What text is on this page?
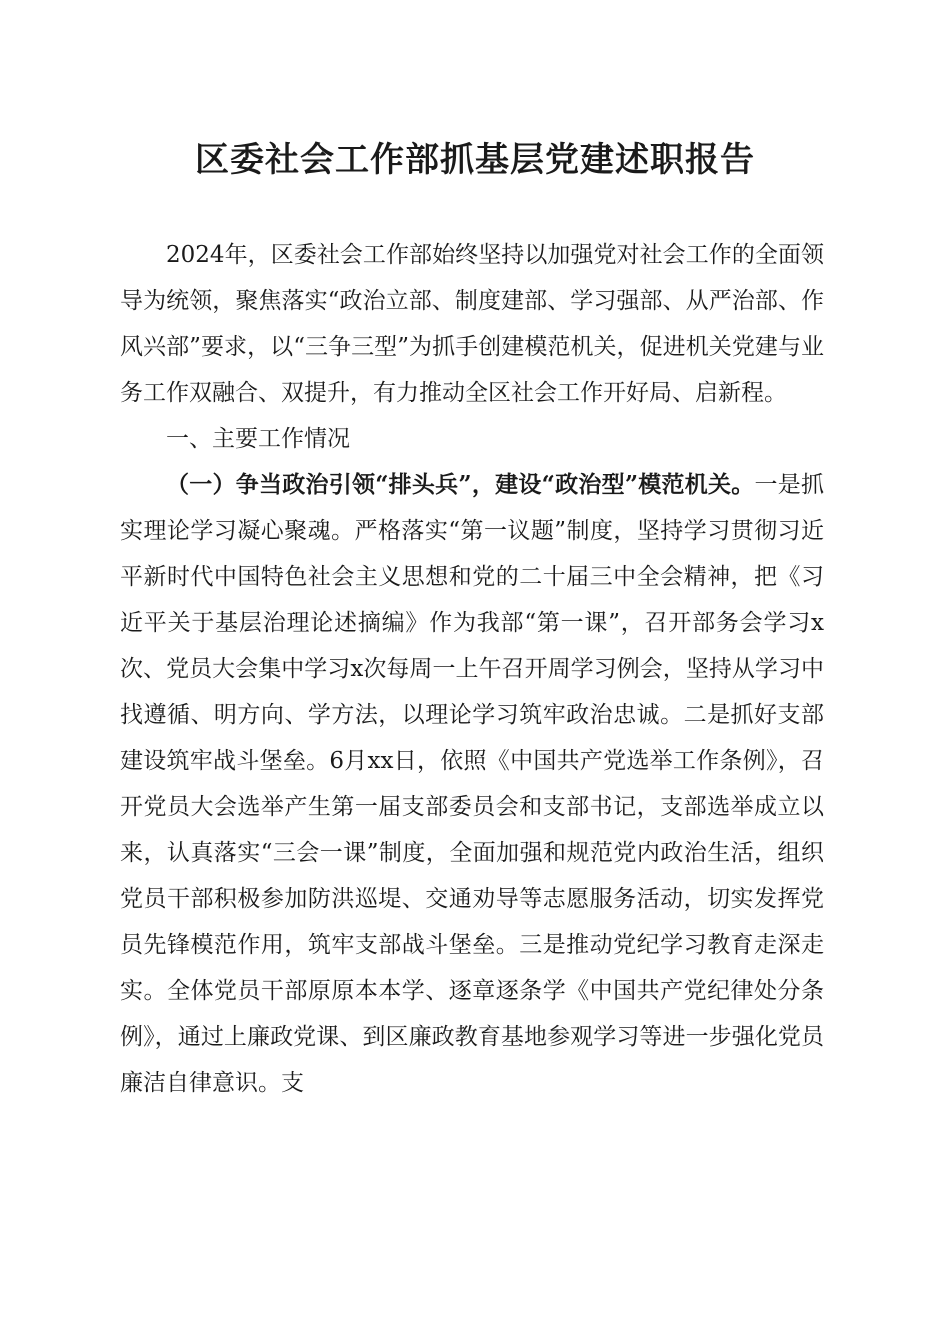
区委社会工作部抓基层党建述职报告

2024年，区委社会工作部始终坚持以加强党对社会工作的全面领导为统领，聚焦落实“政治立部、制度建部、学习强部、从严治部、作风兴部”要求，以“三争三型”为抓手创建模范机关，促进机关党建与业务工作双融合、双提升，有力推动全区社会工作开好局、启新程。

一、主要工作情况

（一）争当政治引领“排头兵”，建设“政治型”模范机关。一是抓实理论学习凝心聚魂。严格落实“第一议题”制度，坚持学习贯彻习近平新时代中国特色社会主义思想和党的二十届三中全会精神，把《习近平关于基层治理论述摘编》作为我部“第一课”，召开部务会学习x次、党员大会集中学习x次每周一上午召开周学习例会，坚持从学习中找遵循、明方向、学方法，以理论学习筑牢政治忠诚。二是抓好支部建设筑牢战斗堡垒。6月xx日，依照《中国共产党选举工作条例》，召开党员大会选举产生第一届支部委员会和支部书记，支部选举成立以来，认真落实“三会一课”制度，全面加强和规范党内政治生活，组织党员干部积极参加防洪巡堤、交通劝导等志愿服务活动，切实发挥党员先锋模范作用，筑牢支部战斗堡垒。三是推动党纪学习教育走深走实。全体党员干部原原本本学、逐章逐条学《中国共产党纪律处分条例》，通过上廉政党课、到区廉政教育基地参观学习等进一步强化党员廉洁自律意识。支
